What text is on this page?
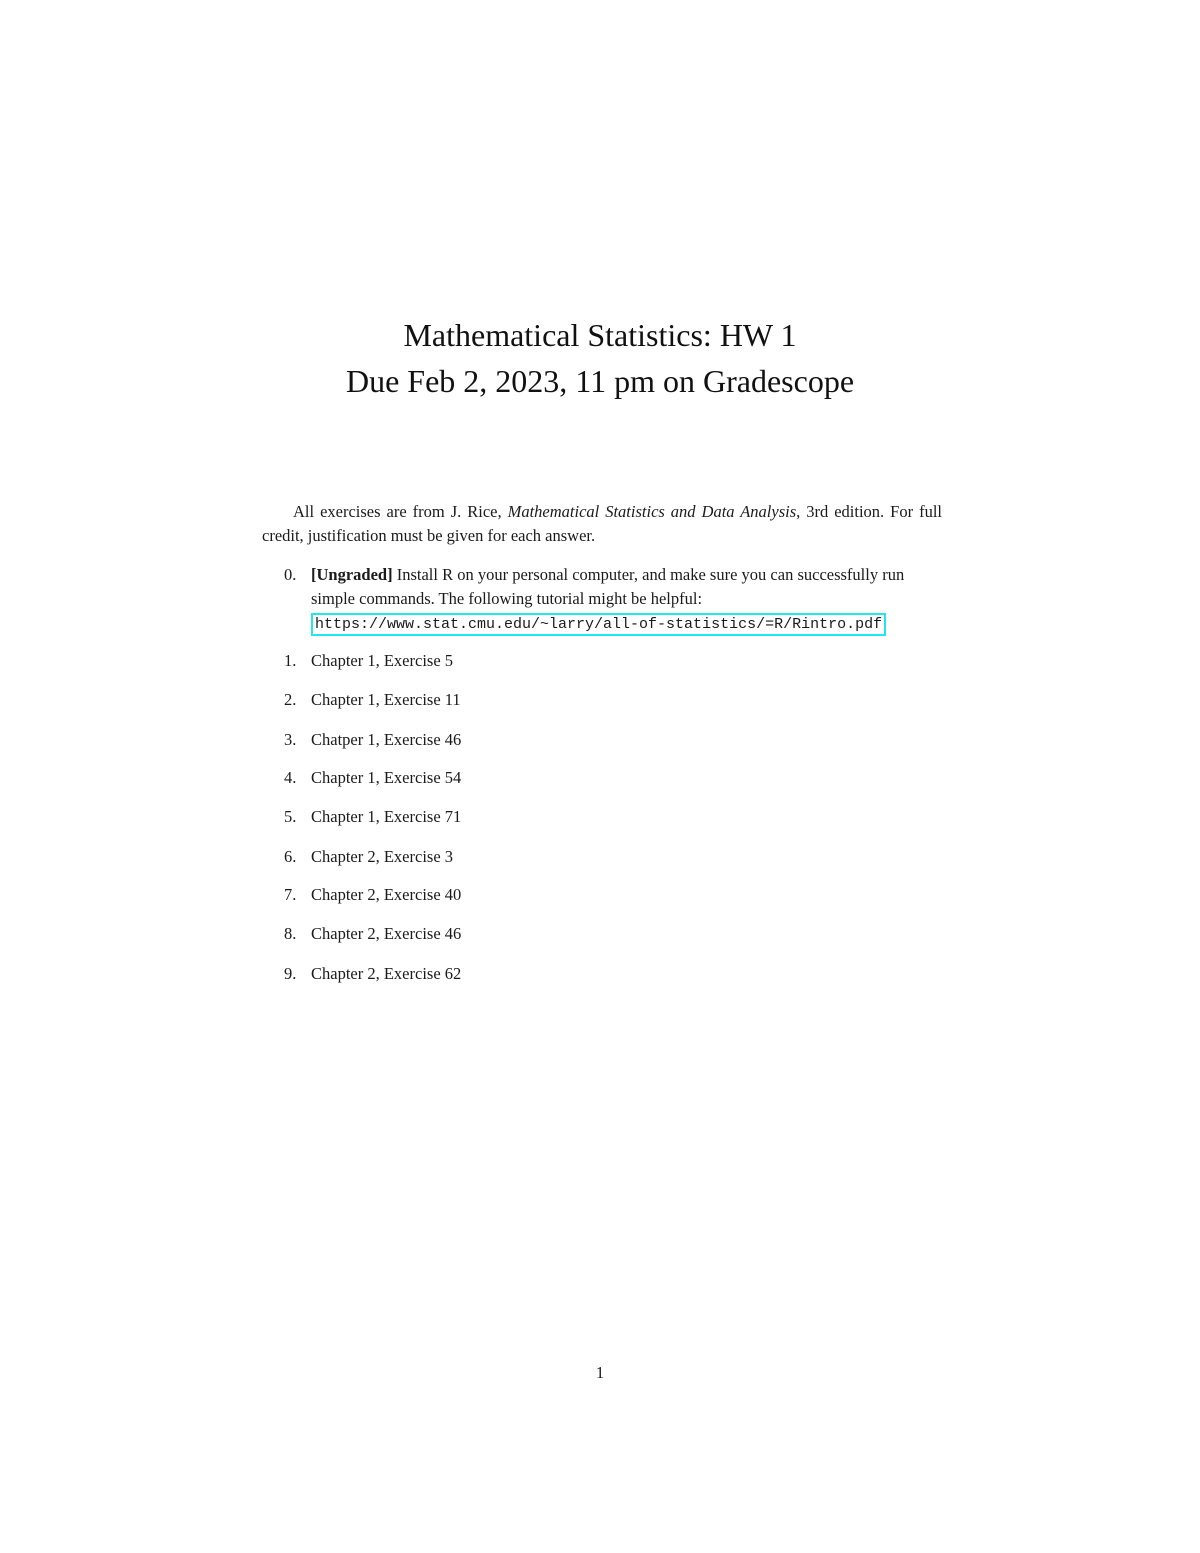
Mathematical Statistics: HW 1
Due Feb 2, 2023, 11 pm on Gradescope
All exercises are from J. Rice, Mathematical Statistics and Data Analysis, 3rd edition. For full credit, justification must be given for each answer.
0. [Ungraded] Install R on your personal computer, and make sure you can successfully run simple commands. The following tutorial might be helpful: https://www.stat.cmu.edu/~larry/all-of-statistics/=R/Rintro.pdf
1. Chapter 1, Exercise 5
2. Chapter 1, Exercise 11
3. Chatper 1, Exercise 46
4. Chapter 1, Exercise 54
5. Chapter 1, Exercise 71
6. Chapter 2, Exercise 3
7. Chapter 2, Exercise 40
8. Chapter 2, Exercise 46
9. Chapter 2, Exercise 62
1
